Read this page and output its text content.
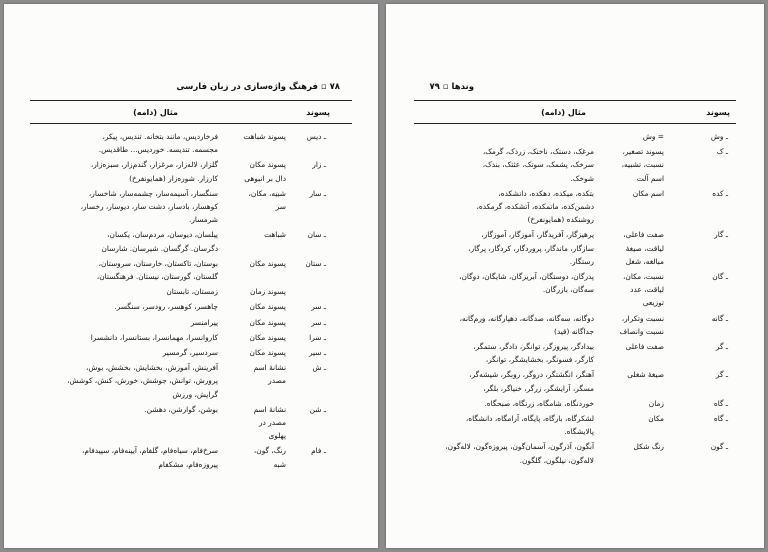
۷۸ ▫ فرهنگ واژه‌سازی در زبان فارسی
پسوند
مثال (دامه)
ـ دیس
پسوند شباهت
فرخاردیس، مانند بتخانه. تندیس، پیکر،
مجسمه. تندیسه. خوردیس... طاقدیس.
ـ زار
پسوند مکان
دال بر انبوهی
گلزار، لاله‌زار، مرغزار، گندم‌زار، سبزه‌زار،
کارزار. شوره‌زار (همایونفرخ)
ـ سار
شبیه، مکان،
سر
سنگسار، آسیمه‌سار، چشمه‌سار، شاخسار،
کوهسار، بادسار، دشت سار، دیوسار، رخسار،
شرمسار.
ـ سان
شباهت
پیلسان، دیوسان، مردم‌سان، یکسان،
دگرسان. گرگسان. شیرسان. شارسان
ـ ستان
پسوند مکان
بوستان، تاکستان، خارستان، سروستان،
گلستان، گورستان، نیستان. فرهنگستان،
پسوند زمان
زمستان، تابستان
ـ سر
پسوند مکان
چاهسر، کوهسر، رودسر، سنگسر.
ـ سر
پسوند مکان
پیرامنسر
ـ سرا
پسوند مکان
کاروانسرا، مهمانسرا، بستانسرا، دانشسرا
ـ سیر
پسوند مکان
سردسیر، گرمسیر
ـ ش
نشانهٔ اسم
مصدر
آفرینش، آموزش، بخشایش، بخشش، بوش،
پرورش، توانش، جوشش، خورش، کنش، کوشش،
گرایش، ورزش
ـ شن
نشانهٔ اسم
مصدر در
پهلوی
بوشن، گوارشن، دهشن.
ـ فام
رنگ، گون،
شبه
سرخ‌فام، سیاه‌فام، گلفام، آیینه‌فام، سپیدفام،
پیروزه‌فام، مشکفام
وندها ▫ ۷۹
پسوند
مثال (دامه)
ـ وش
= وش
ـ ک
پسوند تصغیر،
نسبت، تشبیه،
اسم آلت
مرغک، دستک، ناخنک، زردک، گرمک،
سرخک، پشمک، سوتک، عثتک، بندک،
شوخک.
ـ کده
اسم مکان
بتکده، میکده، دهکده، دانشکده،
دشمن‌کده، ماتمکده، آتشکده، گرمکده،
روشنکده (همایونفرخ)
ـ گار
صفت فاعلی،
لیاقت، صیغهٔ
مبالغه، شغل
پرهیزگار، آفریدگار، آموزگار، آموزگار،
سازگار، ماندگار، پروردگار، کردگار، پرگار،
رستگار.
ـ گان
نسبت، مکان،
لیاقت، عدد
توزیعی
پدرگان، دوستگان، آبریزگان، شایگان، دوگان،
سه‌گان، بازرگان.
ـ گانه
نسبت وتکرار،
نسبت وانصاف
دوگانه، سه‌گانه، صدگانه، دهپارگانه، ورم‌گانه،
جداگانه (قید)
ـ گر
صفت فاعلی
بیدادگر، پیروزگر، توانگر، دادگر، ستمگر،
کارگر، فسونگر، بخشایشگر، توانگر،
ـ گر
صیغهٔ شغلی
آهنگر، انگشتگر، دروگر، روبگر، شیشه‌گر،
مسگر، آرایشگر، زرگر، خنیاگر، بلگر،
ـ گاه
زمان
خوردنگاه، شامگاه، زرنگاه، صبحگاه.
ـ گاه
مکان
لشکرگاه، بارگاه، پایگاه، آرامگاه، دانشگاه،
پالایشگاه.
ـ گون
رنگ شکل
آبگون، آذرگون، آسمان‌گون، پیروزه‌گون، لاله‌گون،
لاله‌گون، نیلگون، گلگون.
